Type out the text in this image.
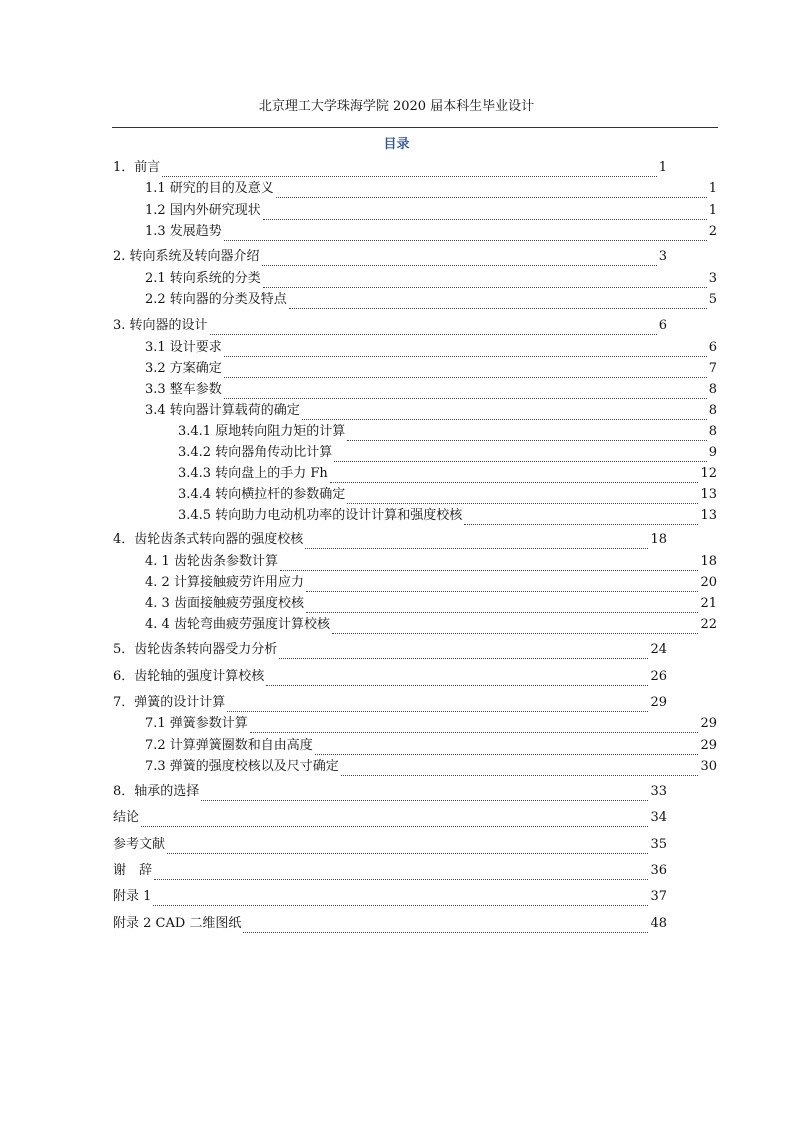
北京理工大学珠海学院 2020 届本科生毕业设计
目录
1．前言	1
1.1 研究的目的及意义	1
1.2 国内外研究现状	1
1.3 发展趋势	2
2. 转向系统及转向器介绍	3
2.1 转向系统的分类	3
2.2 转向器的分类及特点	5
3. 转向器的设计	6
3.1 设计要求	6
3.2 方案确定	7
3.3 整车参数	8
3.4 转向器计算载荷的确定	8
3.4.1 原地转向阻力矩的计算	8
3.4.2 转向器角传动比计算	9
3.4.3 转向盘上的手力 Fh	12
3.4.4 转向横拉杆的参数确定	13
3.4.5 转向助力电动机功率的设计计算和强度校核	13
4．齿轮齿条式转向器的强度校核	18
4. 1 齿轮齿条参数计算	18
4. 2 计算接触疲劳许用应力	20
4. 3 齿面接触疲劳强度校核	21
4. 4 齿轮弯曲疲劳强度计算校核	22
5．齿轮齿条转向器受力分析	24
6．齿轮轴的强度计算校核	26
7．弹簧的设计计算	29
7.1 弹簧参数计算	29
7.2 计算弹簧圈数和自由高度	29
7.3 弹簧的强度校核以及尺寸确定	30
8．轴承的选择	33
结论	34
参考文献	35
谢　辞	36
附录 1	37
附录 2 CAD 二维图纸	48
